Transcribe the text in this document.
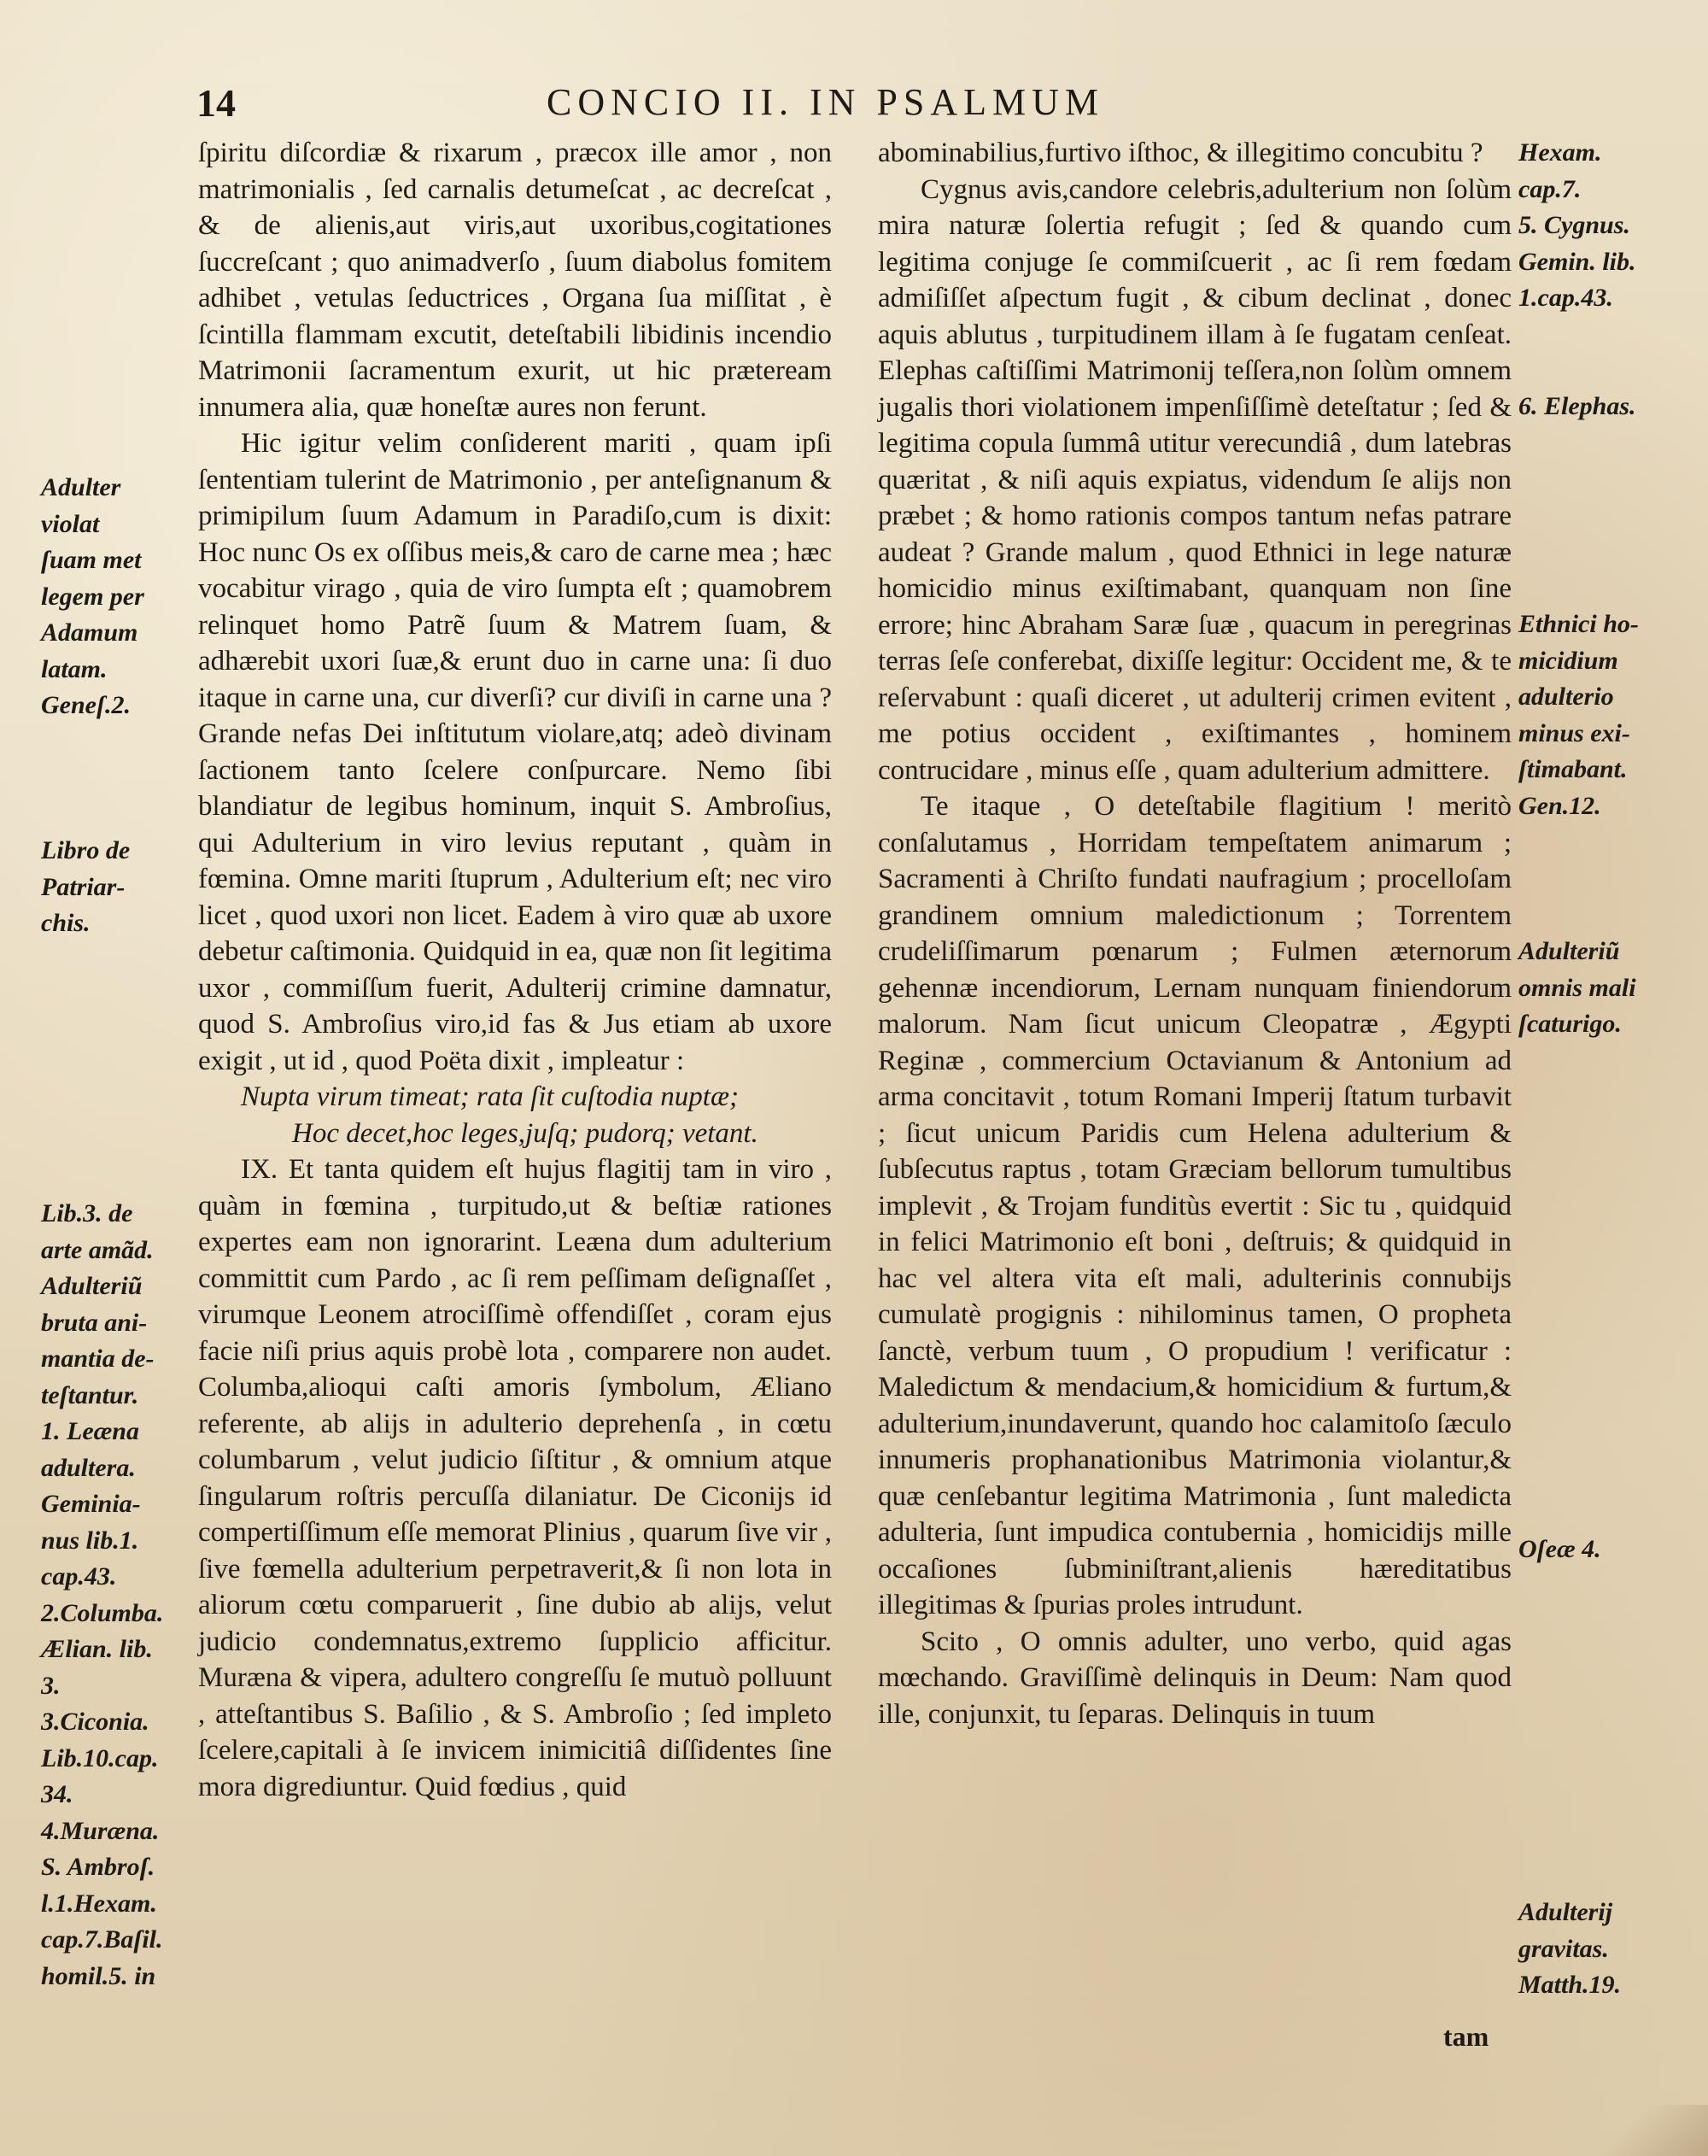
14	CONCIO II. IN PSALMUM

ſpiritu diſcordiæ & rixarum , præcox ille amor , non matrimonialis , ſed carnalis detumeſcat , ac decreſcat , & de alienis,aut viris,aut uxoribus,cogitationes ſuccreſcant ; quo animadverſo , ſuum diabolus fomitem adhibet , vetulas ſeductrices , Organa ſua miſſitat , è ſcintilla flammam excutit, deteſtabili libidinis incendio Matrimonii ſacramentum exurit, ut hic præteream innumera alia, quæ honeſtæ aures non ferunt.

Hic igitur velim conſiderent mariti , quam ipſi ſententiam tulerint de Matrimonio , per anteſignanum & primipilum ſuum Adamum in Paradiſo,cum is dixit: Hoc nunc Os ex oſſibus meis,& caro de carne mea ; hæc vocabitur virago , quia de viro ſumpta eſt ; quamobrem relinquet homo Patrẽ ſuum & Matrem ſuam, & adhærebit uxori ſuæ,& erunt duo in carne una: ſi duo itaque in carne una, cur diverſi? cur diviſi in carne una ? Grande nefas Dei inſtitutum violare,atq; adeò divinam ſactionem tanto ſcelere conſpurcare. Nemo ſibi blandiatur de legibus hominum, inquit S. Ambroſius, qui Adulterium in viro levius reputant , quàm in fœmina. Omne mariti ſtuprum , Adulterium eſt; nec viro licet , quod uxori non licet. Eadem à viro quæ ab uxore debetur caſtimonia. Quidquid in ea, quæ non ſit legitima uxor , commiſſum fuerit, Adulterij crimine damnatur, quod S. Ambroſius viro,id fas & Jus etiam ab uxore exigit , ut id , quod Poëta dixit , impleatur :

Nupta virum timeat; rata ſit cuſtodia nuptæ;
Hoc decet,hoc leges,juſq; pudorq; vetant.

IX. Et tanta quidem eſt hujus flagitij tam in viro , quàm in fœmina , turpitudo,ut & beſtiæ rationes expertes eam non ignorarint. Leæna dum adulterium committit cum Pardo , ac ſi rem peſſimam deſignaſſet , virumque Leonem atrociſſimè offendiſſet , coram ejus facie niſi prius aquis probè lota , comparere non audet. Columba,alioqui caſti amoris ſymbolum, Æliano referente, ab alijs in adulterio deprehenſa , in cœtu columbarum , velut judicio ſiſtitur , & omnium atque ſingularum roſtris percuſſa dilaniatur. De Ciconijs id compertiſſimum eſſe memorat Plinius , quarum ſive vir , ſive fœmella adulterium perpetraverit,& ſi non lota in aliorum cœtu comparuerit , ſine dubio ab alijs, velut judicio condemnatus,extremo ſupplicio afficitur. Muræna & vipera, adultero congreſſu ſe mutuò polluunt , atteſtantibus S. Baſilio , & S. Ambroſio ; ſed impleto ſcelere,capitali à ſe invicem inimicitiâ diſſidentes ſine mora digrediuntur. Quid fœdius , quid

abominabilius,furtivo iſthoc, & illegitimo concubitu ?

Cygnus avis,candore celebris,adulterium non ſolùm mira naturæ ſolertia refugit ; ſed & quando cum legitima conjuge ſe commiſcuerit , ac ſi rem fœdam admiſiſſet aſpectum fugit , & cibum declinat , donec aquis ablutus , turpitudinem illam à ſe fugatam cenſeat. Elephas caſtiſſimi Matrimonij teſſera,non ſolùm omnem jugalis thori violationem impenſiſſimè deteſtatur ; ſed & legitima copula ſummâ utitur verecundiâ , dum latebras quæritat , & niſi aquis expiatus, videndum ſe alijs non præbet ; & homo rationis compos tantum nefas patrare audeat ? Grande malum , quod Ethnici in lege naturæ homicidio minus exiſtimabant, quanquam non ſine errore; hinc Abraham Saræ ſuæ , quacum in peregrinas terras ſeſe conferebat, dixiſſe legitur: Occident me, & te reſervabunt : quaſi diceret , ut adulterij crimen evitent , me potius occident , exiſtimantes , hominem contrucidare , minus eſſe , quam adulterium admittere.

Te itaque , O deteſtabile flagitium ! meritò conſalutamus , Horridam tempeſtatem animarum ; Sacramenti à Chriſto fundati naufragium ; procelloſam grandinem omnium maledictionum ; Torrentem crudeliſſimarum pœnarum ; Fulmen æternorum gehennæ incendiorum, Lernam nunquam finiendorum malorum. Nam ſicut unicum Cleopatræ , Ægypti Reginæ , commercium Octavianum & Antonium ad arma concitavit , totum Romani Imperij ſtatum turbavit ; ſicut unicum Paridis cum Helena adulterium & ſubſecutus raptus , totam Græciam bellorum tumultibus implevit , & Trojam funditùs evertit : Sic tu , quidquid in felici Matrimonio eſt boni , deſtruis; & quidquid in hac vel altera vita eſt mali, adulterinis connubijs cumulatè progignis : nihilominus tamen, O propheta ſanctè, verbum tuum , O propudium ! verificatur : Maledictum & mendacium,& homicidium & furtum,& adulterium,inundaverunt, quando hoc calamitoſo ſæculo innumeris prophanationibus Matrimonia violantur,& quæ cenſebantur legitima Matrimonia , ſunt maledicta adulteria, ſunt impudica contubernia , homicidijs mille occaſiones ſubminiſtrant,alienis hæreditatibus illegitimas & ſpurias proles intrudunt.

Scito , O omnis adulter, uno verbo, quid agas mœchando. Graviſſimè delinquis in Deum: Nam quod ille, conjunxit, tu ſeparas. Delinquis in tuum

Adulter
violat
ſuam met
legem per
Adamum
latam.
Geneſ.2.
Libro de
Patriar-
chis.
Lib.3. de
arte amãd.
Adulteriũ
bruta ani-
mantia de-
teſtantur.
1. Leæna
adultera.
Geminia-
nus lib.1.
cap.43.
2.Columba.
Ælian. lib.
3.
3.Ciconia.
Lib.10.cap.
34.
4.Muræna.
S. Ambroſ.
l.1.Hexam.
cap.7.Baſil.
homil.5. in
Hexam.
cap.7.
5. Cygnus.
Gemin. lib.
1.cap.43.
6. Elephas.
Ethnici ho-
micidium
adulterio
minus exi-
ſtimabant.
Gen.12.
Adulteriũ
omnis mali
ſcaturigo.
Oſeæ 4.
Adulterij
gravitas.
Matth.19.
tam
